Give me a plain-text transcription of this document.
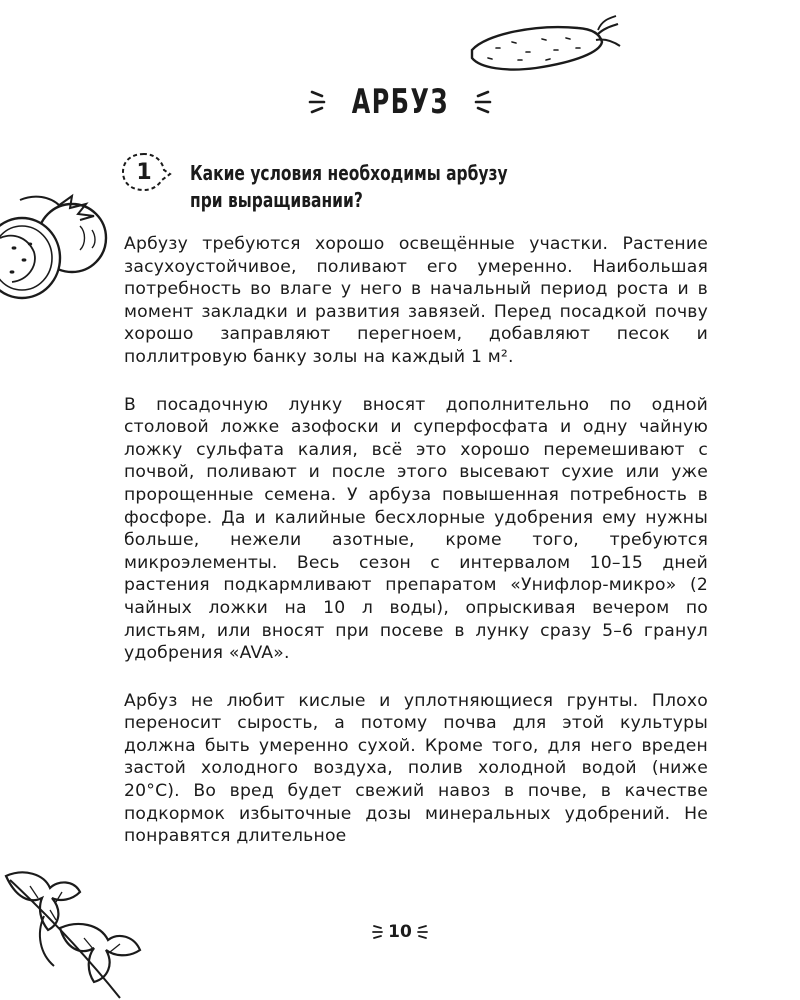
АРБУЗ
1	Какие условия необходимы арбузу
при выращивании?

Арбузу требуются хорошо освещённые участки. Растение засухоустойчивое, поливают его умеренно. Наибольшая потребность во влаге у него в начальный период роста и в момент закладки и развития завязей. Перед посадкой почву хорошо заправляют перегноем, добавляют песок и поллитровую банку золы на каждый 1 м².

В посадочную лунку вносят дополнительно по одной столовой ложке азофоски и суперфосфата и одну чайную ложку сульфата калия, всё это хорошо перемешивают с почвой, поливают и после этого высевают сухие или уже пророщенные семена. У арбуза повышенная потребность в фосфоре. Да и калийные бесхлорные удобрения ему нужны больше, нежели азотные, кроме того, требуются микроэлементы. Весь сезон с интервалом 10–15 дней растения подкармливают препаратом «Унифлор-микро» (2 чайных ложки на 10 л воды), опрыскивая вечером по листьям, или вносят при посеве в лунку сразу 5–6 гранул удобрения «AVA».

Арбуз не любит кислые и уплотняющиеся грунты. Плохо переносит сырость, а потому почва для этой культуры должна быть умеренно сухой. Кроме того, для него вреден застой холодного воздуха, полив холодной водой (ниже 20°С). Во вред будет свежий навоз в почве, в качестве подкормок избыточные дозы минеральных удобрений. Не понравятся длительное

10
